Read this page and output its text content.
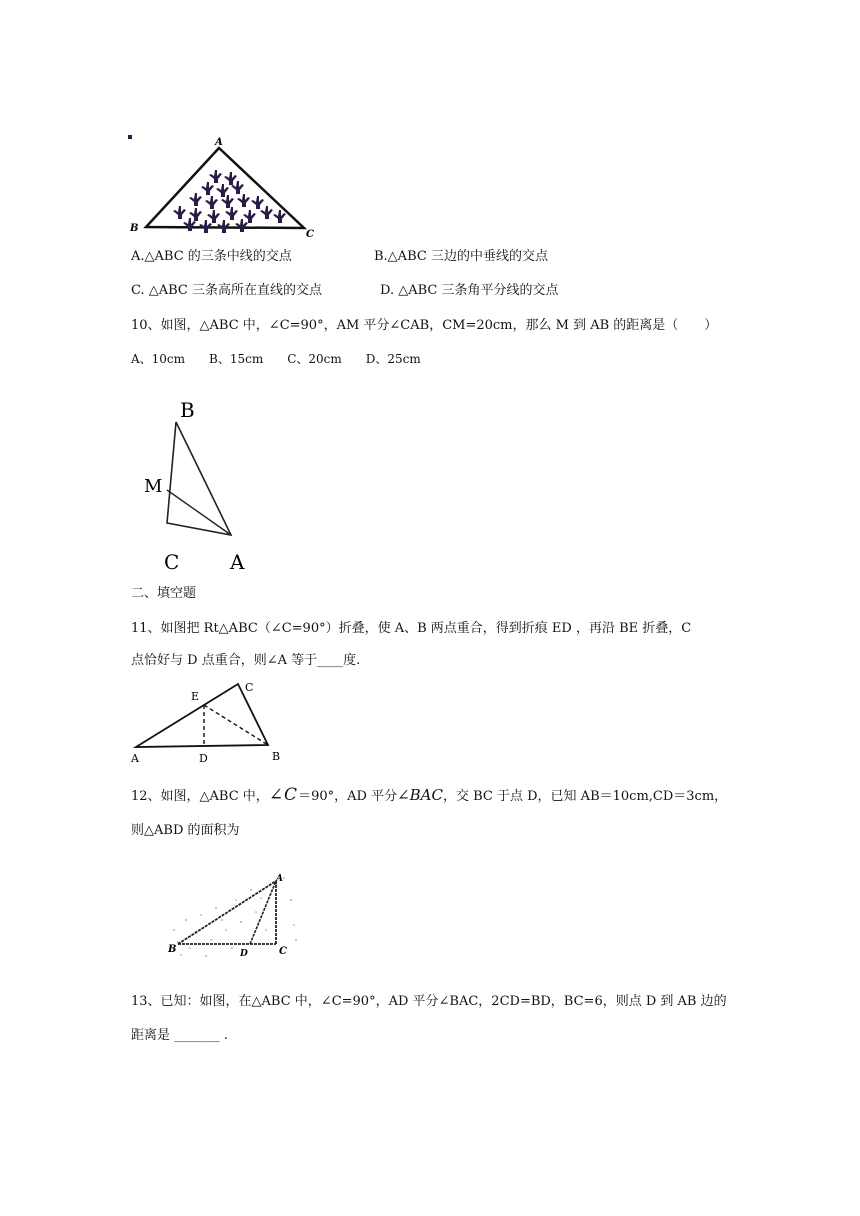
A
B
C
A.△ABC 的三条中线的交点	B.△ABC 三边的中垂线的交点
C. △ABC 三条高所在直线的交点	D. △ABC 三条角平分线的交点
10、如图，△ABC 中，∠C=90°，AM 平分∠CAB，CM=20cm，那么 M 到 AB 的距离是（　　）
A、10cm　　B、15cm　　C、20cm　　D、25cm
B
M
C	A
二、填空题
11、如图把 Rt△ABC（∠C=90°）折叠，使 A、B 两点重合，得到折痕 ED ，再沿 BE 折叠，C
点恰好与 D 点重合，则∠A 等于____度.
E
C
A	D	B
12、如图，△ABC 中，∠C＝90°，AD 平分∠BAC，交 BC 于点 D，已知 AB＝10cm,CD＝3cm，
则△ABD 的面积为
A
B	D	C
13、已知：如图，在△ABC 中，∠C=90°，AD 平分∠BAC，2CD=BD，BC=6，则点 D 到 AB 边的
距离是 _______ .
